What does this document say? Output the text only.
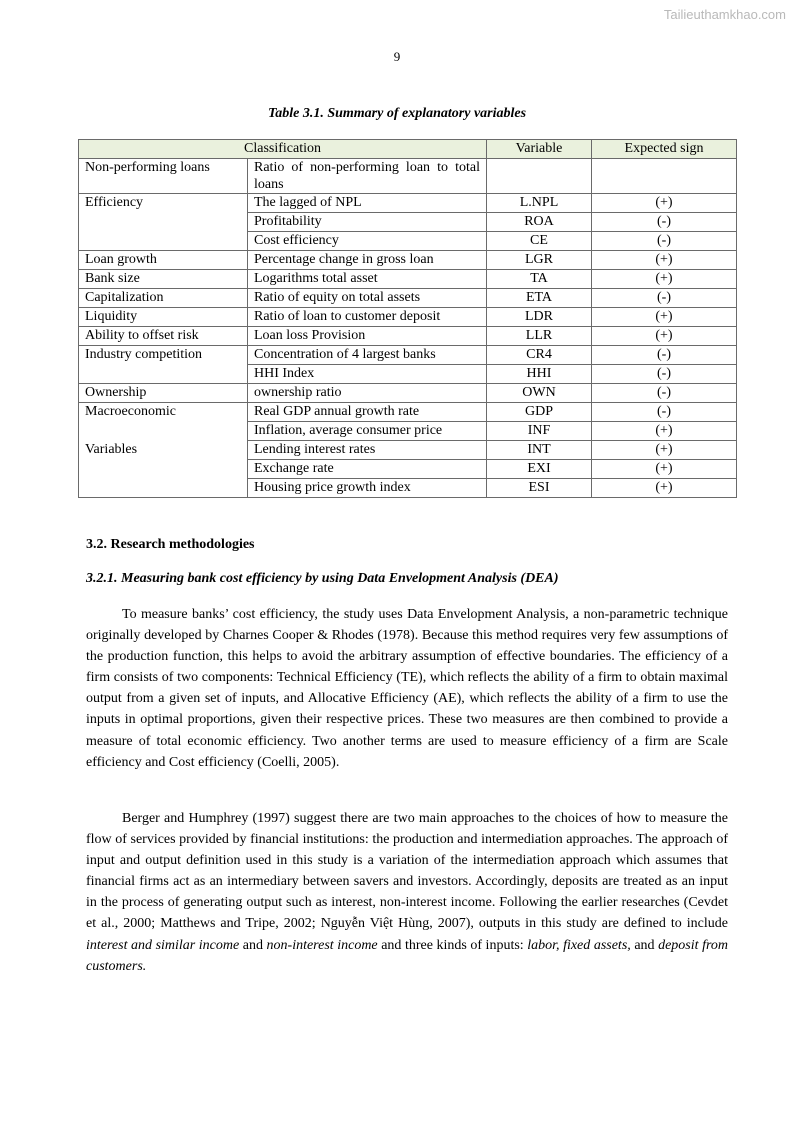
Tailieuthamkhao.com
9
Table 3.1. Summary of explanatory variables
Classification		Variable	Expected sign
Non-performing loans	Ratio of non-performing loan to total loans		
Efficiency	The lagged of NPL	L.NPL	(+)
	Profitability	ROA	(-)
	Cost efficiency	CE	(-)
Loan growth	Percentage change in gross loan	LGR	(+)
Bank size	Logarithms total asset	TA	(+)
Capitalization	Ratio of equity on total assets	ETA	(-)
Liquidity	Ratio of loan to customer deposit	LDR	(+)
Ability to offset risk	Loan loss Provision	LLR	(+)
Industry competition	Concentration of 4 largest banks	CR4	(-)
	HHI Index	HHI	(-)
Ownership	ownership ratio	OWN	(-)
Macroeconomic	Real GDP annual growth rate	GDP	(-)
	Inflation, average consumer price	INF	(+)
Variables	Lending interest rates	INT	(+)
	Exchange rate	EXI	(+)
	Housing price growth index	ESI	(+)
3.2. Research methodologies
3.2.1. Measuring bank cost efficiency by using Data Envelopment Analysis (DEA)

To measure banks’ cost efficiency, the study uses Data Envelopment Analysis, a non-parametric technique originally developed by Charnes Cooper & Rhodes (1978). Because this method requires very few assumptions of the production function, this helps to avoid the arbitrary assumption of effective boundaries. The efficiency of a firm consists of two components: Technical Efficiency (TE), which reflects the ability of a firm to obtain maximal output from a given set of inputs, and Allocative Efficiency (AE), which reflects the ability of a firm to use the inputs in optimal proportions, given their respective prices. These two measures are then combined to provide a measure of total economic efficiency. Two another terms are used to measure efficiency of a firm are Scale efficiency and Cost efficiency (Coelli, 2005).

Berger and Humphrey (1997) suggest there are two main approaches to the choices of how to measure the flow of services provided by financial institutions: the production and intermediation approaches. The approach of input and output definition used in this study is a variation of the intermediation approach which assumes that financial firms act as an intermediary between savers and investors. Accordingly, deposits are treated as an input in the process of generating output such as interest, non-interest income. Following the earlier researches (Cevdet et al., 2000; Matthews and Tripe, 2002; Nguyễn Việt Hùng, 2007), outputs in this study are defined to include interest and similar income and non-interest income and three kinds of inputs: labor, fixed assets, and deposit from customers.
